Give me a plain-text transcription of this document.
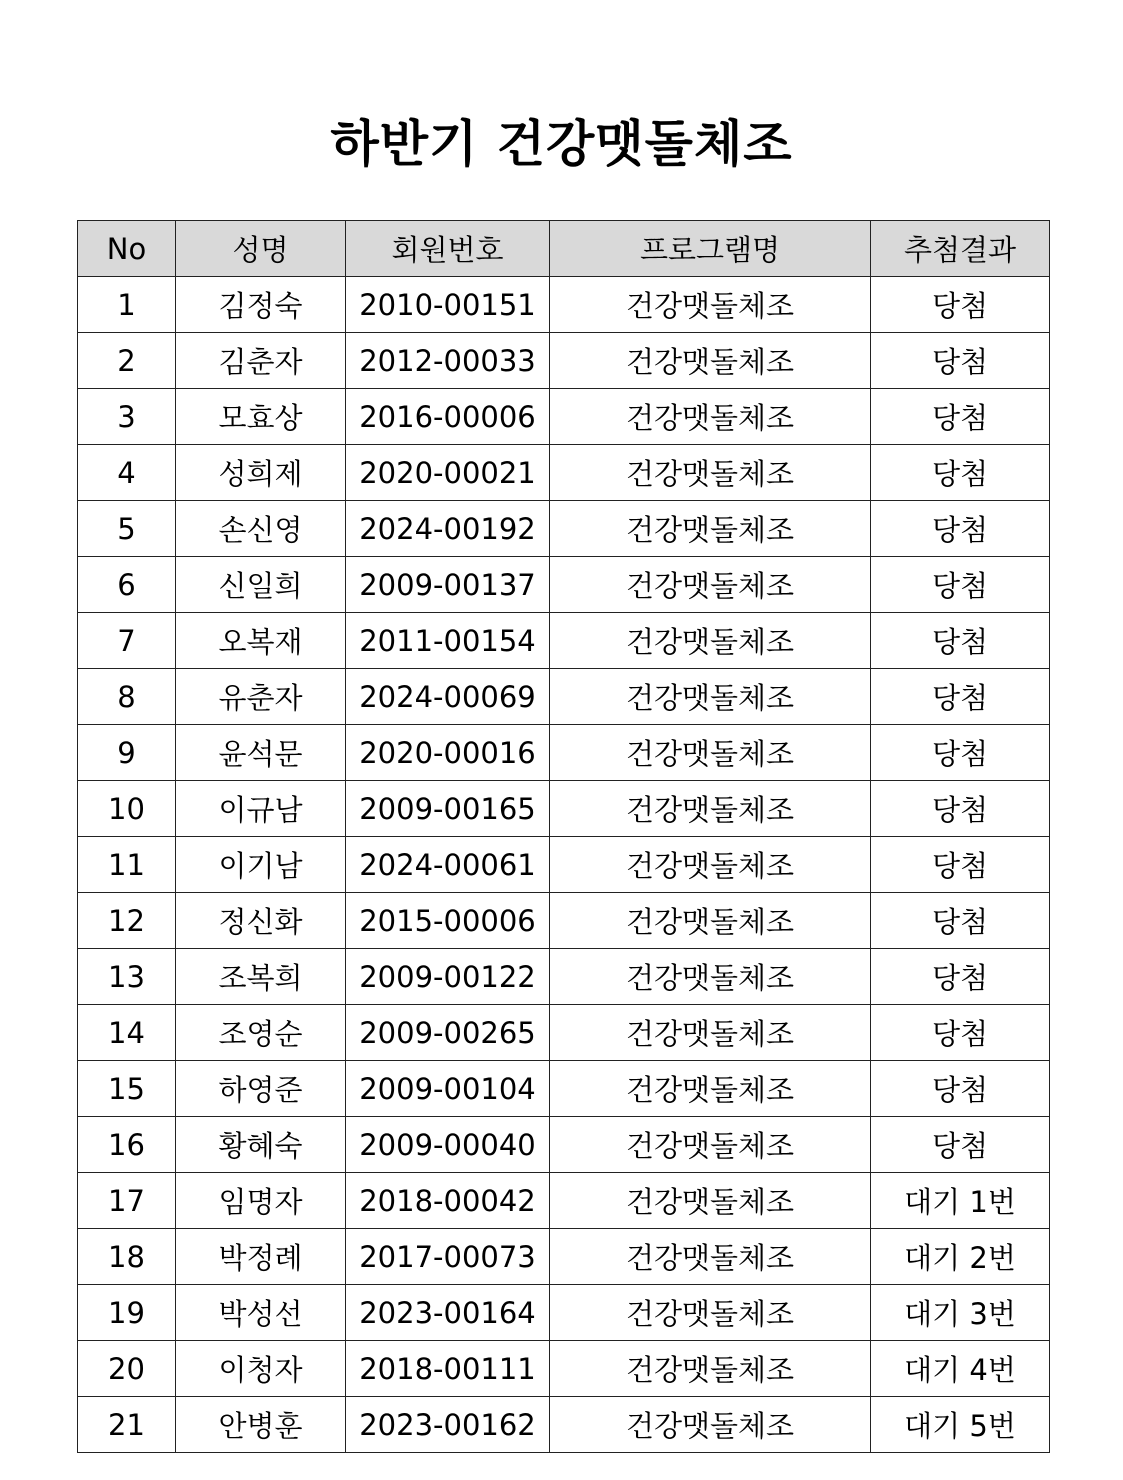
하반기 건강맷돌체조
No	성명	회원번호	프로그램명	추첨결과
1	김정숙	2010-00151	건강맷돌체조	당첨
2	김춘자	2012-00033	건강맷돌체조	당첨
3	모효상	2016-00006	건강맷돌체조	당첨
4	성희제	2020-00021	건강맷돌체조	당첨
5	손신영	2024-00192	건강맷돌체조	당첨
6	신일희	2009-00137	건강맷돌체조	당첨
7	오복재	2011-00154	건강맷돌체조	당첨
8	유춘자	2024-00069	건강맷돌체조	당첨
9	윤석문	2020-00016	건강맷돌체조	당첨
10	이규남	2009-00165	건강맷돌체조	당첨
11	이기남	2024-00061	건강맷돌체조	당첨
12	정신화	2015-00006	건강맷돌체조	당첨
13	조복희	2009-00122	건강맷돌체조	당첨
14	조영순	2009-00265	건강맷돌체조	당첨
15	하영준	2009-00104	건강맷돌체조	당첨
16	황혜숙	2009-00040	건강맷돌체조	당첨
17	임명자	2018-00042	건강맷돌체조	대기 1번
18	박정례	2017-00073	건강맷돌체조	대기 2번
19	박성선	2023-00164	건강맷돌체조	대기 3번
20	이청자	2018-00111	건강맷돌체조	대기 4번
21	안병훈	2023-00162	건강맷돌체조	대기 5번
